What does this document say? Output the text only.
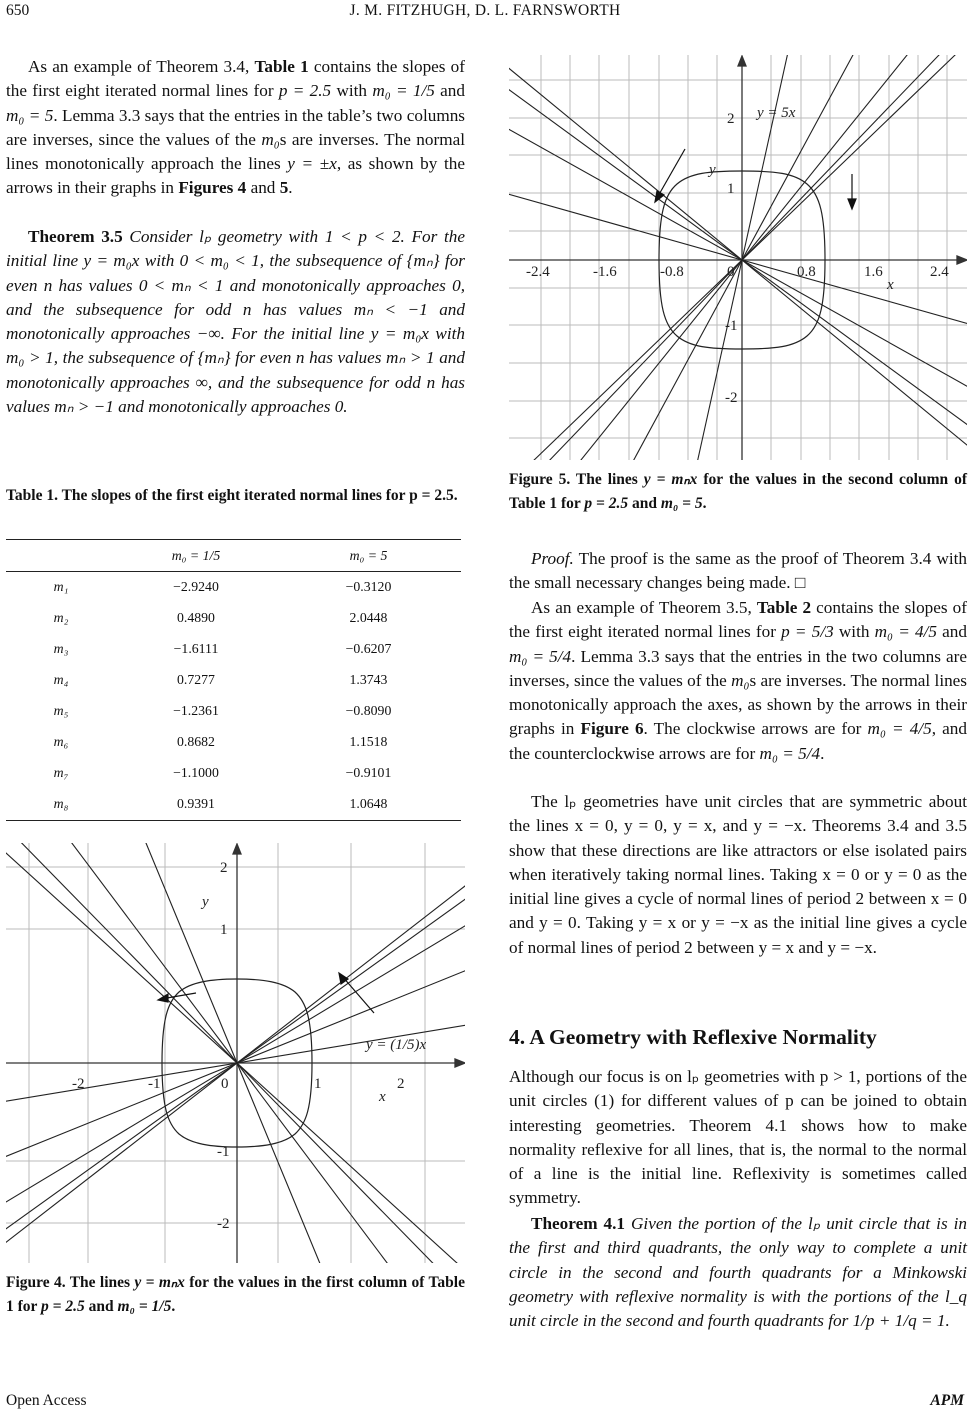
650	J. M. FITZHUGH, D. L. FARNSWORTH

As an example of Theorem 3.4, Table 1 contains the slopes of the first eight iterated normal lines for p = 2.5 with m₀ = 1/5 and m₀ = 5. Lemma 3.3 says that the entries in the table’s two columns are inverses, since the values of the m₀s are inverses. The normal lines monotonically approach the lines y = ±x, as shown by the arrows in their graphs in Figures 4 and 5.

Theorem 3.5 Consider lₚ geometry with 1 < p < 2. For the initial line y = m₀x with 0 < m₀ < 1, the subsequence of {mₙ} for even n has values 0 < mₙ < 1 and monotonically approaches 0, and the subsequence for odd n has values mₙ < −1 and monotonically approaches −∞. For the initial line y = m₀x with m₀ > 1, the subsequence of {mₙ} for even n has values mₙ > 1 and monotonically approaches ∞, and the subsequence for odd n has values mₙ > −1 and monotonically approaches 0.

Table 1. The slopes of the first eight iterated normal lines for p = 2.5.
	m₀ = 1/5	m₀ = 5
m₁	−2.9240	−0.3120
m₂	0.4890	2.0448
m₃	−1.6111	−0.6207
m₄	0.7277	1.3743
m₅	−1.2361	−0.8090
m₆	0.8682	1.1518
m₇	−1.1000	−0.9101
m₈	0.9391	1.0648
-2	-1	0	1	2
2
1
-1
-2
y
x
y = (1/5)x
Figure 4. The lines y = mₙx for the values in the first column of Table 1 for p = 2.5 and m₀ = 1/5.
-2.4	-1.6	-0.8	0	0.8	1.6	2.4
2
1
-1
-2
y
x
y = 5x
Figure 5. The lines y = mₙx for the values in the second column of Table 1 for p = 2.5 and m₀ = 5.

Proof. The proof is the same as the proof of Theorem 3.4 with the small necessary changes being made. □

As an example of Theorem 3.5, Table 2 contains the slopes of the first eight iterated normal lines for p = 5/3 with m₀ = 4/5 and m₀ = 5/4. Lemma 3.3 says that the entries in the two columns are inverses, since the values of the m₀s are inverses. The normal lines monotonically approach the axes, as shown by the arrows in their graphs in Figure 6. The clockwise arrows are for m₀ = 4/5, and the counterclockwise arrows are for m₀ = 5/4.

The lₚ geometries have unit circles that are symmetric about the lines x = 0, y = 0, y = x, and y = −x. Theorems 3.4 and 3.5 show that these directions are like attractors or else isolated pairs when iteratively taking normal lines. Taking x = 0 or y = 0 as the initial line gives a cycle of normal lines of period 2 between x = 0 and y = 0. Taking y = x or y = −x as the initial line gives a cycle of normal lines of period 2 between y = x and y = −x.

4. A Geometry with Reflexive Normality

Although our focus is on lₚ geometries with p > 1, portions of the unit circles (1) for different values of p can be joined to obtain interesting geometries. Theorem 4.1 shows how to make normality reflexive for all lines, that is, the normal to the normal of a line is the initial line. Reflexivity is sometimes called symmetry.

Theorem 4.1 Given the portion of the lₚ unit circle that is in the first and third quadrants, the only way to complete a unit circle in the second and fourth quadrants for a Minkowski geometry with reflexive normality is with the portions of the l_q unit circle in the second and fourth quadrants for 1/p + 1/q = 1.

Open Access	APM
